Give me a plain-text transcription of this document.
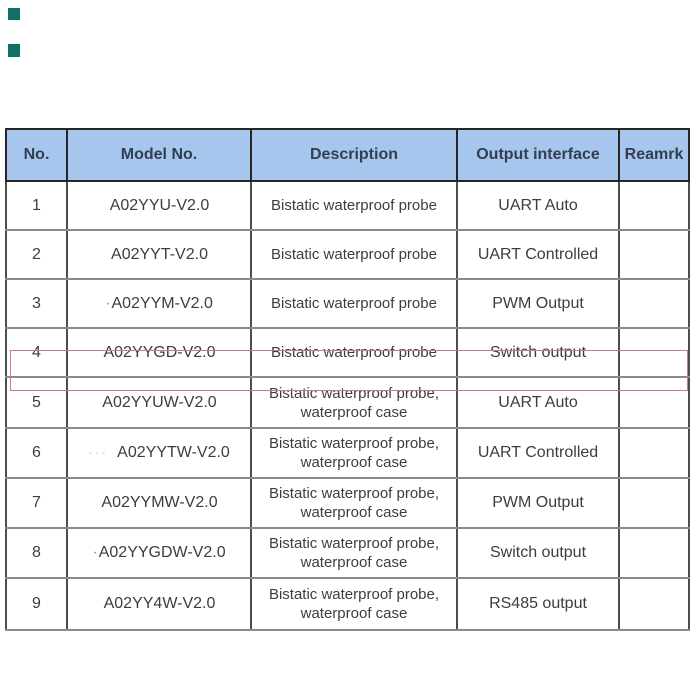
No.	Model No.	Description	Output interface	Reamrk
1	A02YYU-V2.0	Bistatic waterproof probe	UART Auto	
2	A02YYT-V2.0	Bistatic waterproof probe	UART Controlled	
3	·A02YYM-V2.0	Bistatic waterproof probe	PWM Output	
4	A02YYGD-V2.0	Bistatic waterproof probe	Switch output	
5	A02YYUW-V2.0	Bistatic waterproof probe, waterproof case	UART Auto	
6	··· A02YYTW-V2.0	Bistatic waterproof probe, waterproof case	UART Controlled	
7	A02YYMW-V2.0	Bistatic waterproof probe, waterproof case	PWM Output	
8	·A02YYGDW-V2.0	Bistatic waterproof probe, waterproof case	Switch output	
9	A02YY4W-V2.0	Bistatic waterproof probe, waterproof case	RS485 output	
